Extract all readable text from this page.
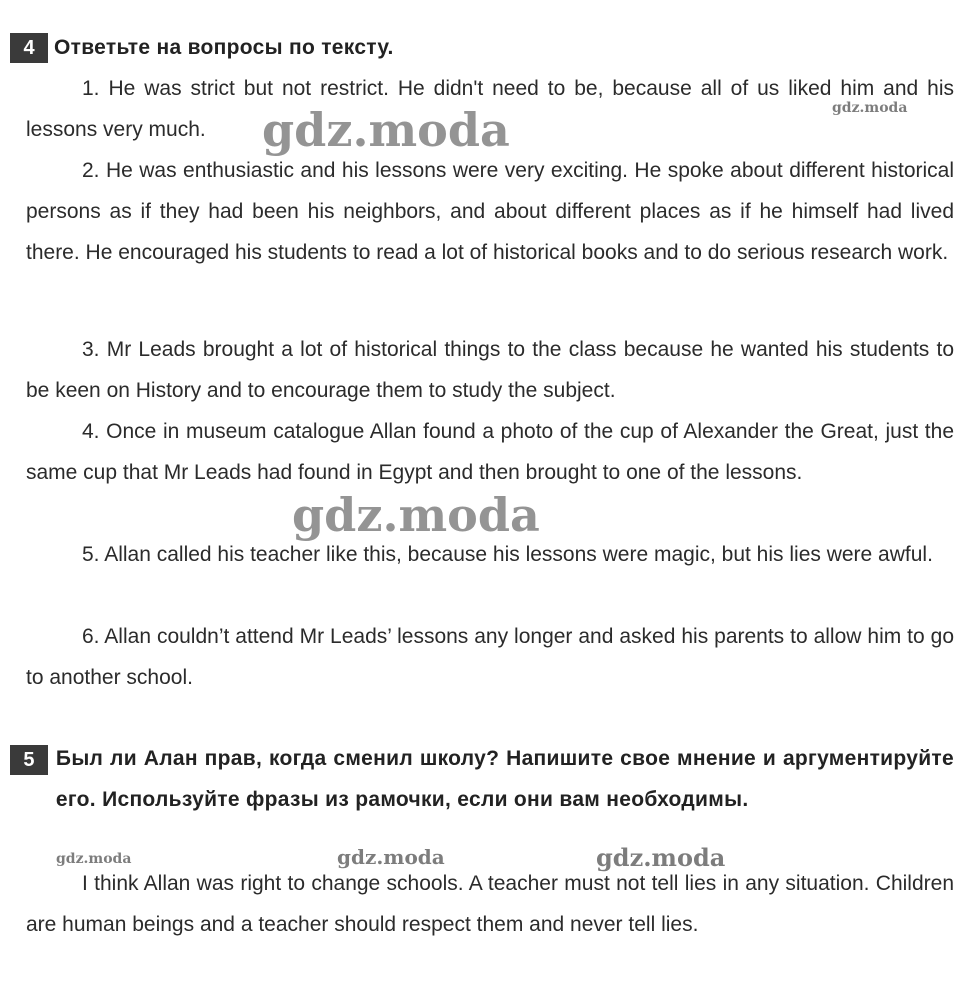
4 Ответьте на вопросы по тексту.
1. He was strict but not restrict. He didn't need to be, because all of us liked him and his lessons very much.
2. He was enthusiastic and his lessons were very exciting. He spoke about different historical persons as if they had been his neighbors, and about different places as if he himself had lived there. He encouraged his students to read a lot of historical books and to do serious research work.
3. Mr Leads brought a lot of historical things to the class because he wanted his students to be keen on History and to encourage them to study the subject.
4. Once in museum catalogue Allan found a photo of the cup of Alexander the Great, just the same cup that Mr Leads had found in Egypt and then brought to one of the lessons.
5. Allan called his teacher like this, because his lessons were magic, but his lies were awful.
6. Allan couldn’t attend Mr Leads’ lessons any longer and asked his parents to allow him to go to another school.
5	Был ли Алан прав, когда сменил школу? Напишите свое мнение и аргументируйте его. Используйте фразы из рамочки, если они вам необходимы.
I think Allan was right to change schools. A teacher must not tell lies in any situation. Children are human beings and a teacher should respect them and never tell lies.
gdz.moda	gdz.moda
gdz.moda
gdz.moda	gdz.moda	gdz.moda
